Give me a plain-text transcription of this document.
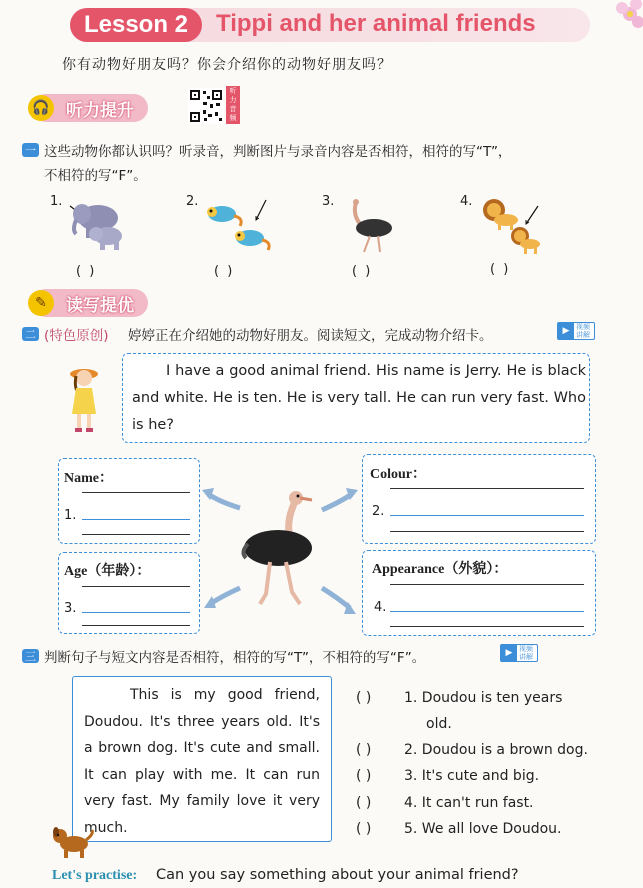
Lesson 2	Tippi and her animal friends
你有动物好朋友吗？你会介绍你的动物好朋友吗？
听力提升
🎧
听力音频
一 这些动物你都认识吗？听录音，判断图片与录音内容是否相符，相符的写“T”，
不相符的写“F”。
1.
( )
2.
( )
3.
( )
4.
( )
读写提优
✎
二 (特色原创) 婷婷正在介绍她的动物好朋友。阅读短文，完成动物介绍卡。	▶ 视频讲解
I have a good animal friend. His name is Jerry. He is black and white. He is ten. He is very tall. He can run very fast. Who is he?
Name：
1.
Colour：
2.
Age（年龄）：
3.
Appearance（外貌）：
4.
三 判断句子与短文内容是否相符，相符的写“T”，不相符的写“F”。	▶ 视频讲解
This is my good friend, Doudou. It's three years old. It's a brown dog. It's cute and small. It can play with me. It can run very fast. My family love it very much.
( ) 1. Doudou is ten years
old.
( ) 2. Doudou is a brown dog.
( ) 3. It's cute and big.
( ) 4. It can't run fast.
( ) 5. We all love Doudou.
Let's practise: Can you say something about your animal friend?
